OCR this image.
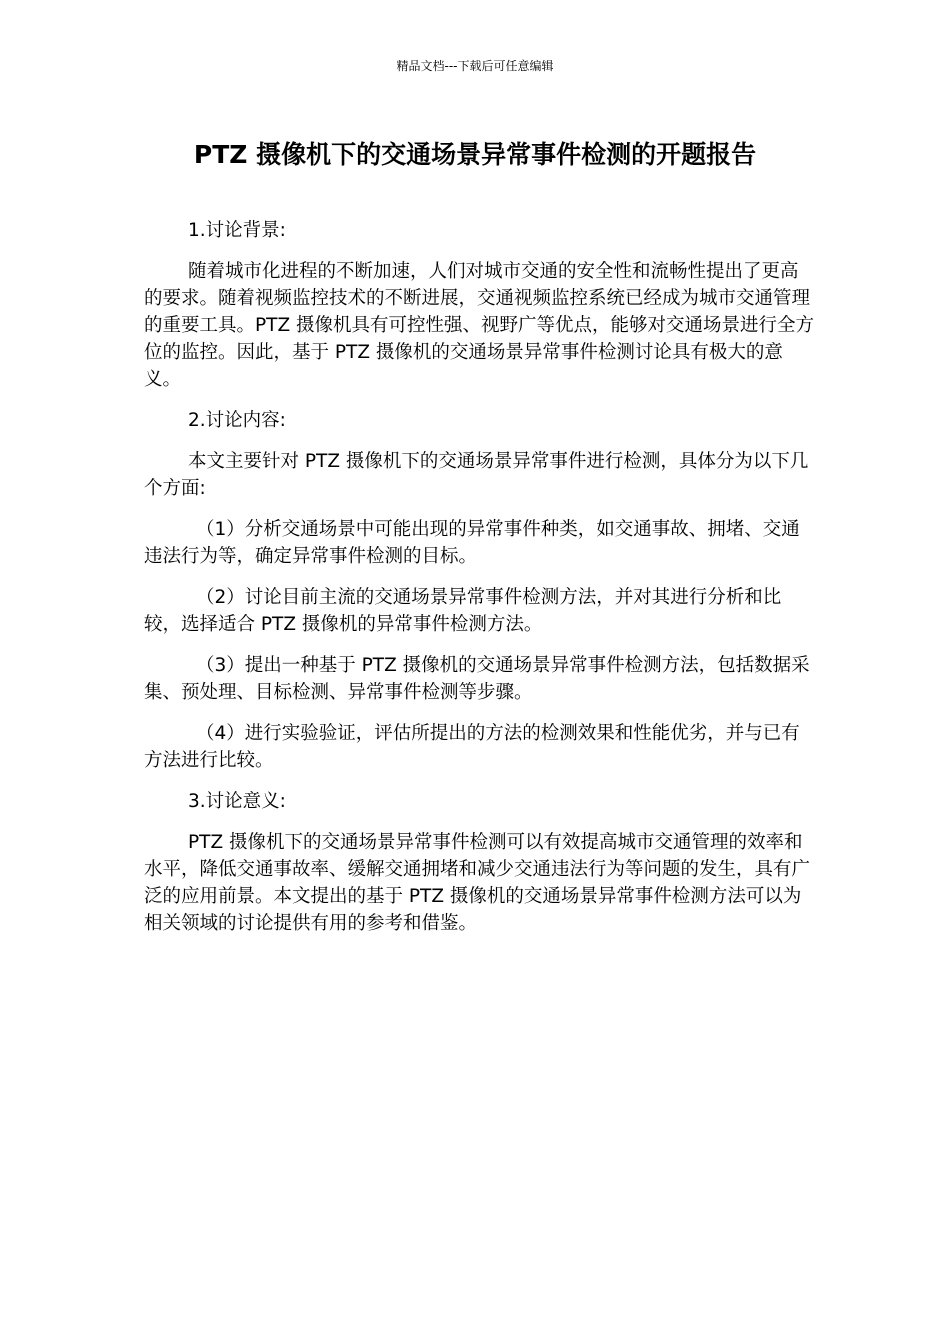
精品文档---下载后可任意编辑
PTZ 摄像机下的交通场景异常事件检测的开题报告

1.讨论背景:

随着城市化进程的不断加速，人们对城市交通的安全性和流畅性提出了更高的要求。随着视频监控技术的不断进展，交通视频监控系统已经成为城市交通管理的重要工具。PTZ 摄像机具有可控性强、视野广等优点，能够对交通场景进行全方位的监控。因此，基于 PTZ 摄像机的交通场景异常事件检测讨论具有极大的意义。

2.讨论内容:

本文主要针对 PTZ 摄像机下的交通场景异常事件进行检测，具体分为以下几个方面:

（1）分析交通场景中可能出现的异常事件种类，如交通事故、拥堵、交通违法行为等，确定异常事件检测的目标。

（2）讨论目前主流的交通场景异常事件检测方法，并对其进行分析和比较，选择适合 PTZ 摄像机的异常事件检测方法。

（3）提出一种基于 PTZ 摄像机的交通场景异常事件检测方法，包括数据采集、预处理、目标检测、异常事件检测等步骤。

（4）进行实验验证，评估所提出的方法的检测效果和性能优劣，并与已有方法进行比较。

3.讨论意义:

PTZ 摄像机下的交通场景异常事件检测可以有效提高城市交通管理的效率和水平，降低交通事故率、缓解交通拥堵和减少交通违法行为等问题的发生，具有广泛的应用前景。本文提出的基于 PTZ 摄像机的交通场景异常事件检测方法可以为相关领域的讨论提供有用的参考和借鉴。
